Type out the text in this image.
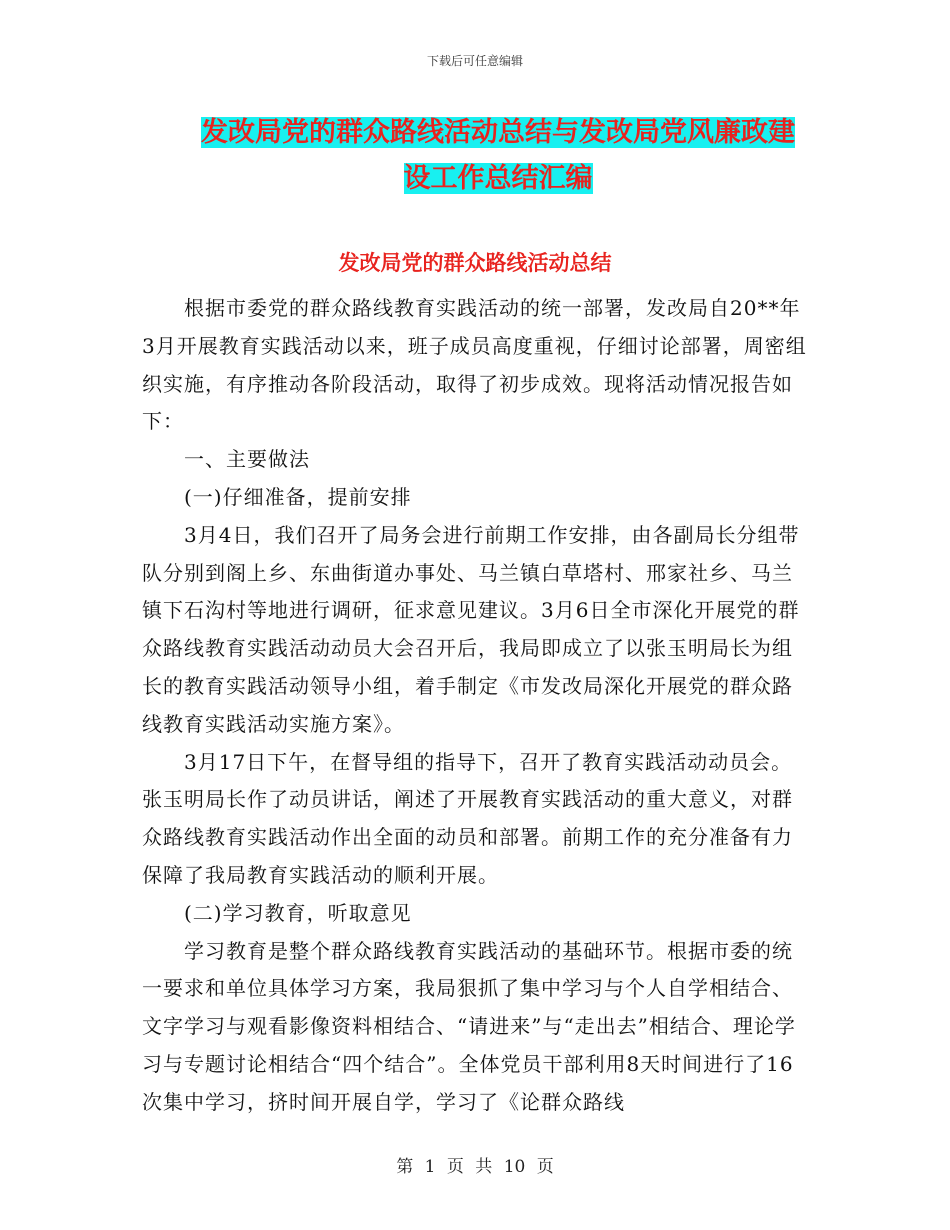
下载后可任意编辑
发改局党的群众路线活动总结与发改局党风廉政建设工作总结汇编
发改局党的群众路线活动总结

根据市委党的群众路线教育实践活动的统一部署，发改局自20**年3月开展教育实践活动以来，班子成员高度重视，仔细讨论部署，周密组织实施，有序推动各阶段活动，取得了初步成效。现将活动情况报告如下：

一、主要做法

(一)仔细准备，提前安排

3月4日，我们召开了局务会进行前期工作安排，由各副局长分组带队分别到阁上乡、东曲街道办事处、马兰镇白草塔村、邢家社乡、马兰镇下石沟村等地进行调研，征求意见建议。3月6日全市深化开展党的群众路线教育实践活动动员大会召开后，我局即成立了以张玉明局长为组长的教育实践活动领导小组，着手制定《市发改局深化开展党的群众路线教育实践活动实施方案》。

3月17日下午，在督导组的指导下，召开了教育实践活动动员会。张玉明局长作了动员讲话，阐述了开展教育实践活动的重大意义，对群众路线教育实践活动作出全面的动员和部署。前期工作的充分准备有力保障了我局教育实践活动的顺利开展。

(二)学习教育，听取意见

学习教育是整个群众路线教育实践活动的基础环节。根据市委的统一要求和单位具体学习方案，我局狠抓了集中学习与个人自学相结合、文字学习与观看影像资料相结合、“请进来”与“走出去”相结合、理论学习与专题讨论相结合“四个结合”。全体党员干部利用8天时间进行了16次集中学习，挤时间开展自学，学习了《论群众路线

第 1 页 共 10 页
